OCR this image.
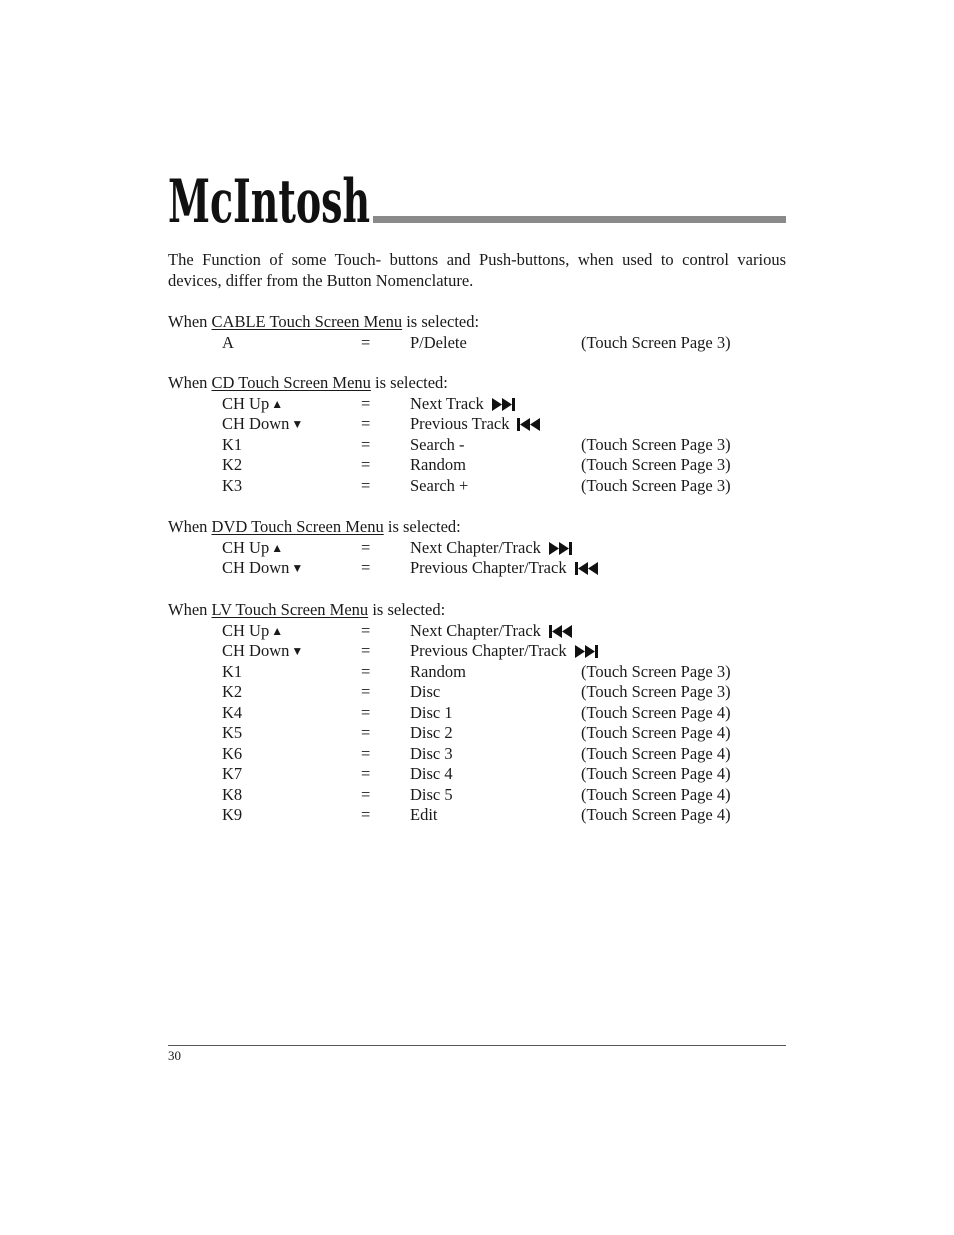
McIntosh
The Function of some Touch- buttons and Push-buttons, when used to control various devices, differ from the Button Nomenclature.
When CABLE Touch Screen Menu is selected:
A	= P/Delete	(Touch Screen Page 3)
When CD Touch Screen Menu is selected:
CH Up ▲	= Next Track
CH Down ▼	= Previous Track
K1	= Search -	(Touch Screen Page 3)
K2	= Random	(Touch Screen Page 3)
K3	= Search +	(Touch Screen Page 3)
When DVD Touch Screen Menu is selected:
CH Up ▲	= Next Chapter/Track
CH Down ▼	= Previous Chapter/Track
When LV Touch Screen Menu is selected:
CH Up ▲	= Next Chapter/Track
CH Down ▼	= Previous Chapter/Track
K1	= Random	(Touch Screen Page 3)
K2	= Disc	(Touch Screen Page 3)
K4	= Disc 1	(Touch Screen Page 4)
K5	= Disc 2	(Touch Screen Page 4)
K6	= Disc 3	(Touch Screen Page 4)
K7	= Disc 4	(Touch Screen Page 4)
K8	= Disc 5	(Touch Screen Page 4)
K9	= Edit	(Touch Screen Page 4)
30
